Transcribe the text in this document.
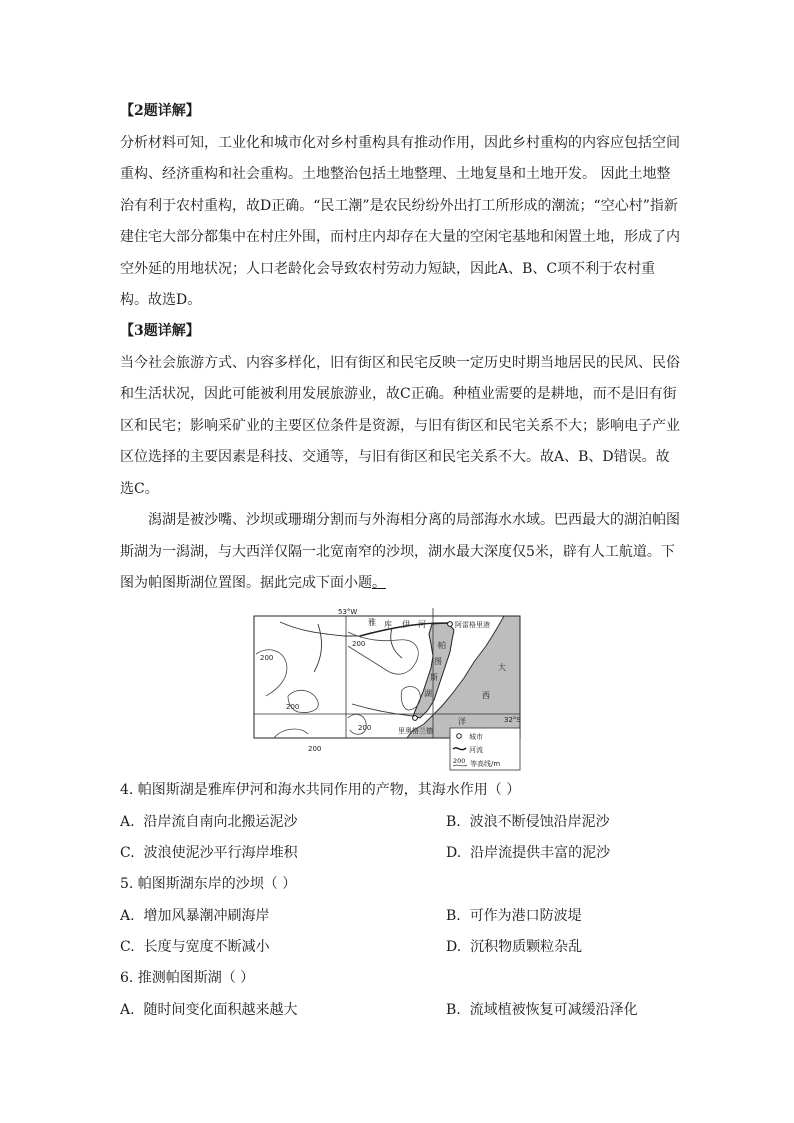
【2题详解】
分析材料可知，工业化和城市化对乡村重构具有推动作用，因此乡村重构的内容应包括空间重构、经济重构和社会重构。土地整治包括土地整理、土地复垦和土地开发。 因此土地整治有利于农村重构，故D正确。“民工潮”是农民纷纷外出打工所形成的潮流；“空心村”指新建住宅大部分都集中在村庄外围，而村庄内却存在大量的空闲宅基地和闲置土地，形成了内空外延的用地状况；人口老龄化会导致农村劳动力短缺，因此A、B、C项不利于农村重构。故选D。
【3题详解】
当今社会旅游方式、内容多样化，旧有街区和民宅反映一定历史时期当地居民的民风、民俗和生活状况，因此可能被利用发展旅游业，故C正确。种植业需要的是耕地，而不是旧有街区和民宅；影响采矿业的主要区位条件是资源，与旧有街区和民宅关系不大；影响电子产业区位选择的主要因素是科技、交通等，与旧有街区和民宅关系不大。故A、B、D错误。故选C。
潟湖是被沙嘴、沙坝或珊瑚分割而与外海相分离的局部海水水域。巴西最大的湖泊帕图斯湖为一潟湖，与大西洋仅隔一北宽南窄的沙坝，湖水最大深度仅5米，辟有人工航道。下图为帕图斯湖位置图。据此完成下面小题。
53°W
32°S
雅 库 伊 河	阿雷格里港
帕
图
斯
湖
大
西
洋
里奥格兰德
200
200
200
200
200
城市
河流
200 等高线/m
4. 帕图斯湖是雅库伊河和海水共同作用的产物，其海水作用（ ）
A. 沿岸流自南向北搬运泥沙	B. 波浪不断侵蚀沿岸泥沙
C. 波浪使泥沙平行海岸堆积	D. 沿岸流提供丰富的泥沙
5. 帕图斯湖东岸的沙坝（ ）
A. 增加风暴潮冲刷海岸	B. 可作为港口防波堤
C. 长度与宽度不断减小	D. 沉积物质颗粒杂乱
6. 推测帕图斯湖（ ）
A. 随时间变化面积越来越大	B. 流域植被恢复可减缓沿泽化
